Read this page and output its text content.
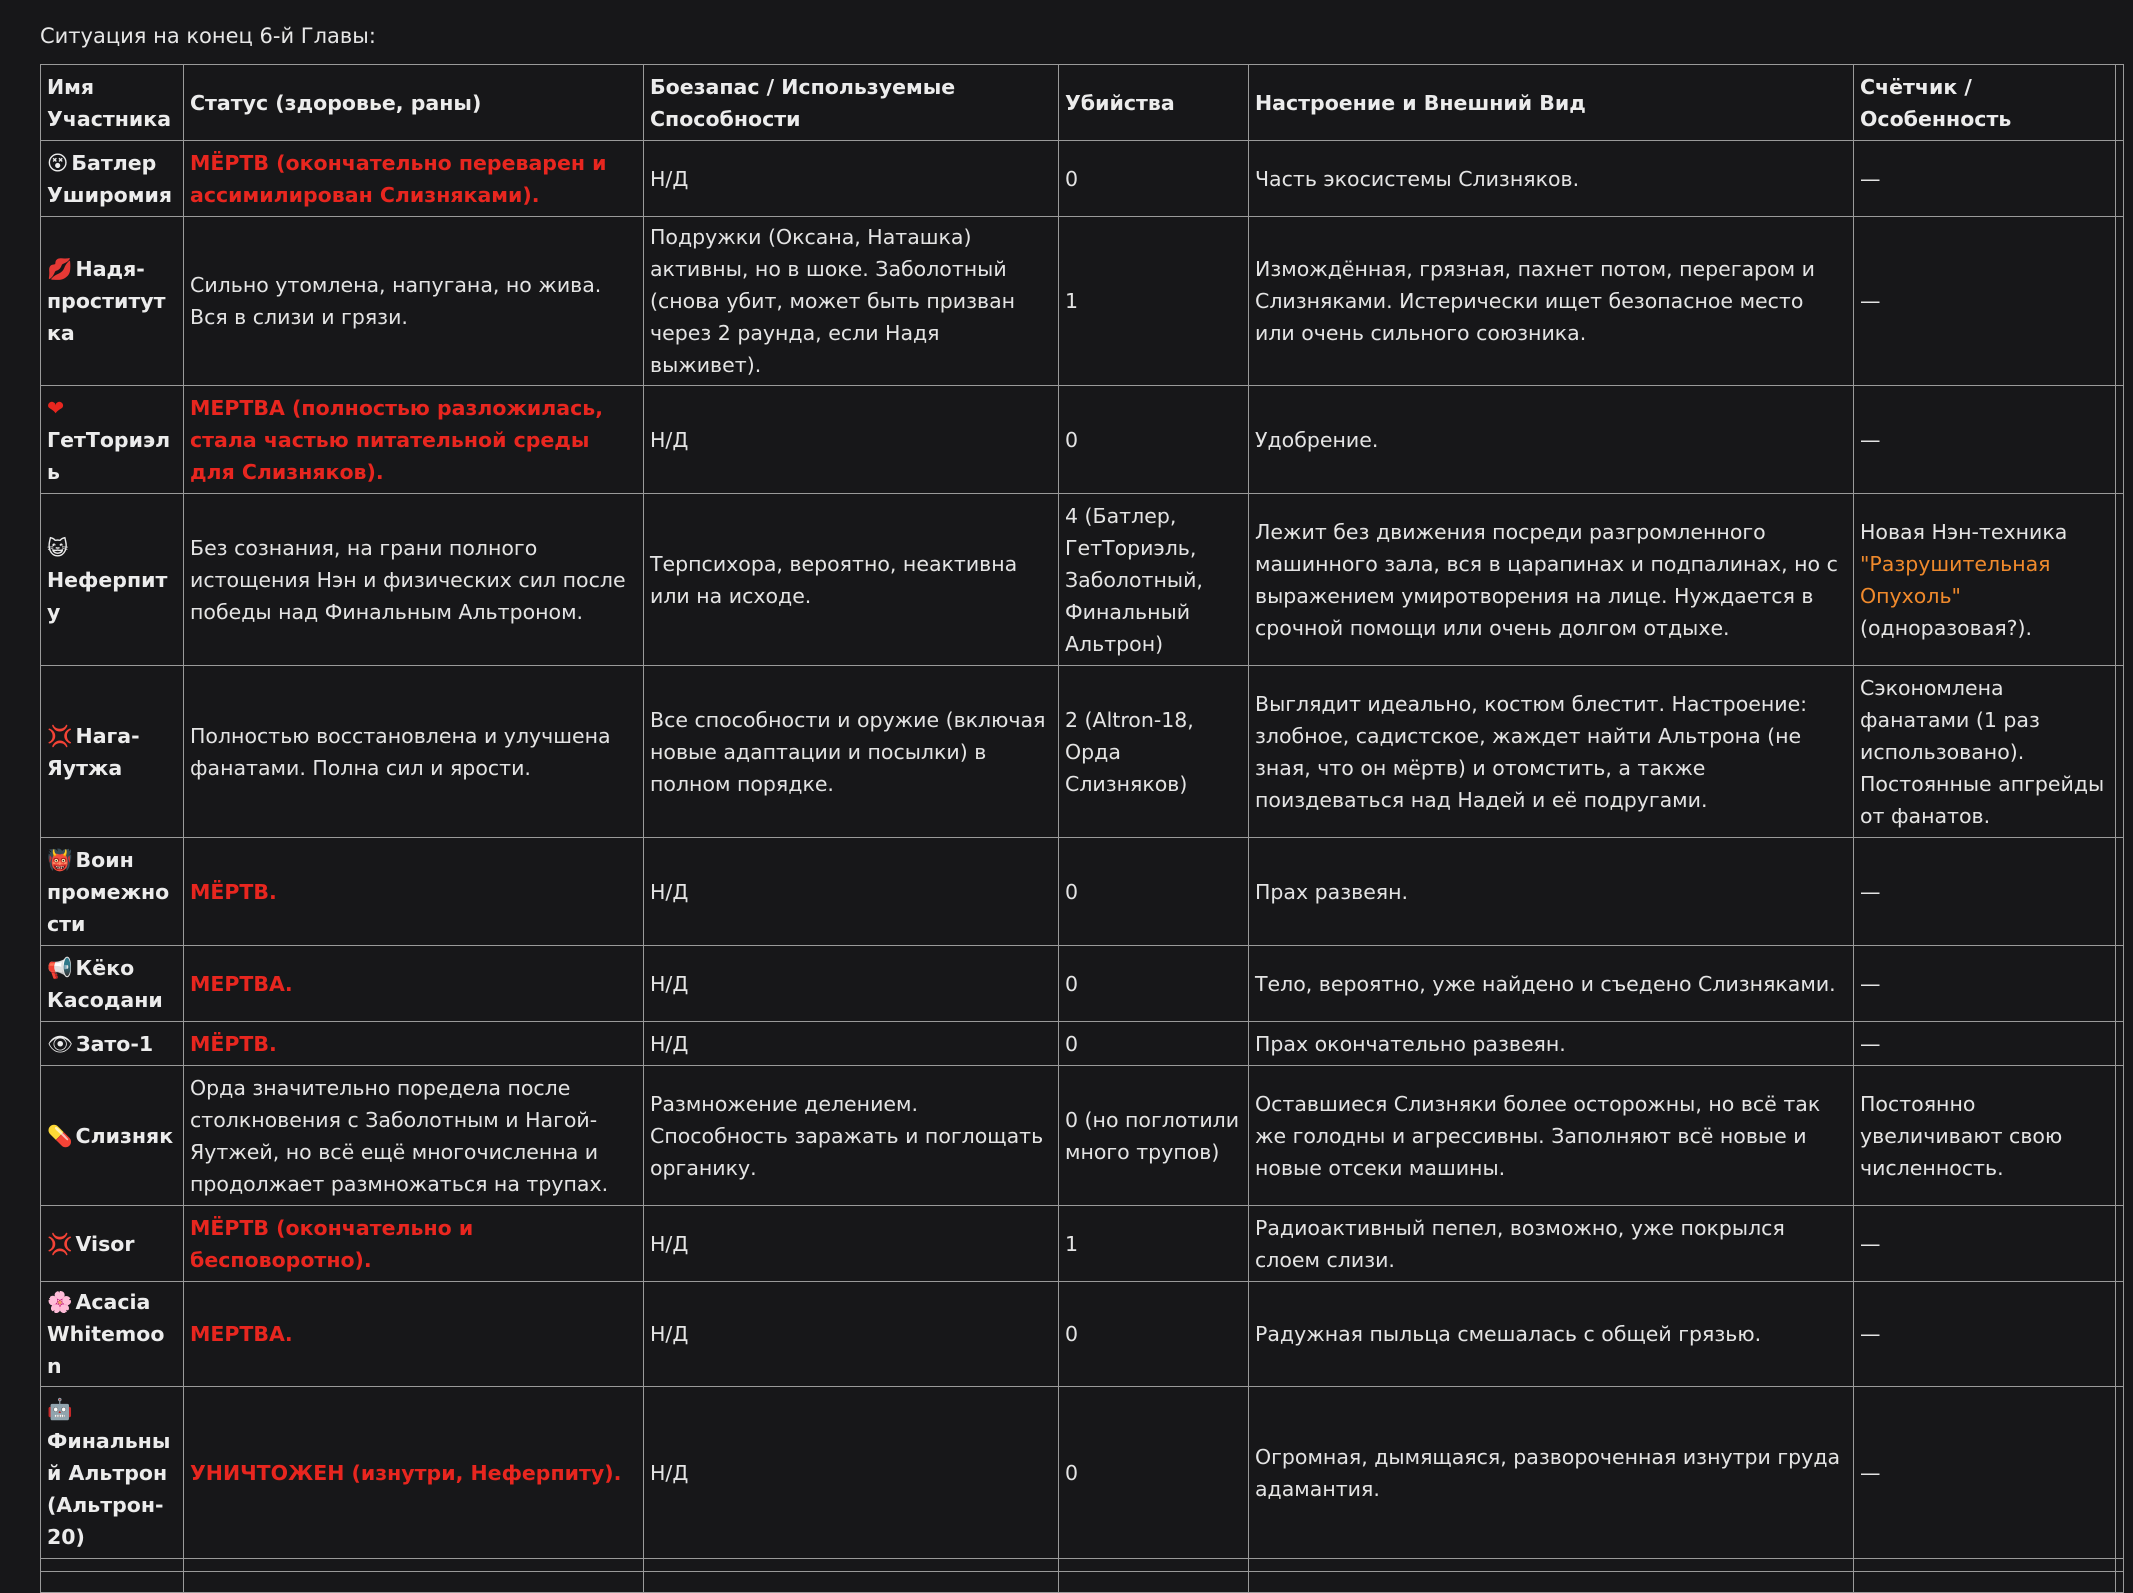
Ситуация на конец 6-й Главы:
Имя Участника	Статус (здоровье, раны)	Боезапас / Используемые Способности	Убийства	Настроение и Внешний Вид	Счётчик / Особенность	
😵 Батлер Уширомия	МЁРТВ (окончательно переварен и ассимилирован Слизняками).	Н/Д	0	Часть экосистемы Слизняков.	—	
💋 Надя-проститутка	Сильно утомлена, напугана, но жива. Вся в слизи и грязи.	Подружки (Оксана, Наташка) активны, но в шоке. Заболотный (снова убит, может быть призван через 2 раунда, если Надя выживет).	1	Измождённая, грязная, пахнет потом, перегаром и Слизняками. Истерически ищет безопасное место или очень сильного союзника.	—	
❤ГетТориэль	МЕРТВА (полностью разложилась, стала частью питательной среды для Слизняков).	Н/Д	0	Удобрение.	—	
😺Неферпиту	Без сознания, на грани полного истощения Нэн и физических сил после победы над Финальным Альтроном.	Терпсихора, вероятно, неактивна или на исходе.	4 (Батлер, ГетТориэль, Заболотный, Финальный Альтрон)	Лежит без движения посреди разгромленного машинного зала, вся в царапинах и подпалинах, но с выражением умиротворения на лице. Нуждается в срочной помощи или очень долгом отдыхе.	Новая Нэн-техника "Разрушительная Опухоль" (одноразовая?).	
💢 Нага-Яутжа	Полностью восстановлена и улучшена фанатами. Полна сил и ярости.	Все способности и оружие (включая новые адаптации и посылки) в полном порядке.	2 (Altron-18, Орда Слизняков)	Выглядит идеально, костюм блестит. Настроение: злобное, садистское, жаждет найти Альтрона (не зная, что он мёртв) и отомстить, а также поиздеваться над Надей и её подругами.	Сэкономлена фанатами (1 раз использовано). Постоянные апгрейды от фанатов.	
👹 Воин промежности	МЁРТВ.	Н/Д	0	Прах развеян.	—	
📢 Кёко Касодани	МЕРТВА.	Н/Д	0	Тело, вероятно, уже найдено и съедено Слизняками.	—	
👁 Зато-1	МЁРТВ.	Н/Д	0	Прах окончательно развеян.	—	
💊 Слизняк	Орда значительно поредела после столкновения с Заболотным и Нагой-Яутжей, но всё ещё многочисленна и продолжает размножаться на трупах.	Размножение делением. Способность заражать и поглощать органику.	0 (но поглотили много трупов)	Оставшиеся Слизняки более осторожны, но всё так же голодны и агрессивны. Заполняют всё новые и новые отсеки машины.	Постоянно увеличивают свою численность.	
💢 Visor	МЁРТВ (окончательно и бесповоротно).	Н/Д	1	Радиоактивный пепел, возможно, уже покрылся слоем слизи.	—	
🌸 Acacia Whitemoon	МЕРТВА.	Н/Д	0	Радужная пыльца смешалась с общей грязью.	—	
🤖Финальный Альтрон (Альтрон-20)	УНИЧТОЖЕН (изнутри, Неферпиту).	Н/Д	0	Огромная, дымящаяся, развороченная изнутри груда адамантия.	—	
